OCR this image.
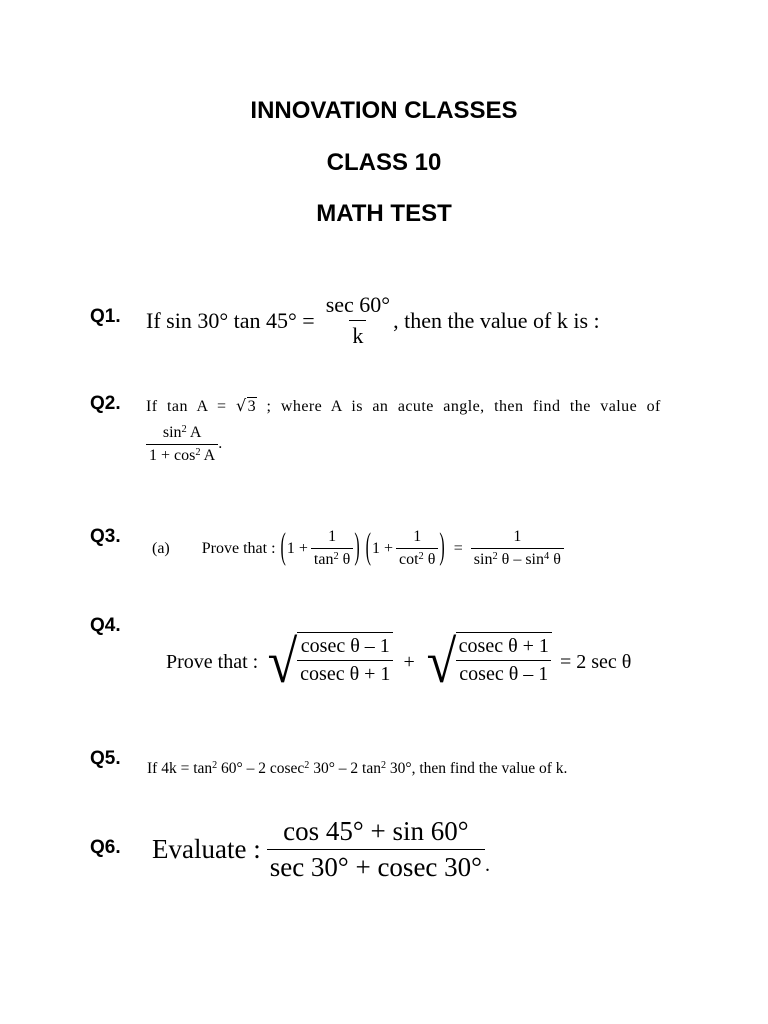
INNOVATION CLASSES
CLASS 10
MATH TEST
Q1. If sin 30° $\tan 45^\circ = \frac{\sec 60^\circ}{k}$ , then the value of k is :
Q2. If tan A = √3 ; where A is an acute angle, then find the value of
$\frac{\sin^2 A}{1 + \cos^2 A}$ .
Q3.
(a) Prove that : ( $1 + \frac{1}{\tan^2 \theta}$ ) ( $1 + \frac{1}{\cot^2 \theta}$ ) = $\frac{1}{\sin^2 \theta - \sin^4 \theta}$
Q4.
Prove that : √ $\frac{\text{cosec θ – 1}}{\text{cosec θ + 1}}$ + √ $\frac{\text{cosec θ + 1}}{\text{cosec θ – 1}} = 2$ sec θ
Q5. If $4k = \tan^2 60^\circ - 2$ cosec$^2$ 30° – 2 $\tan^2 30^\circ$, then find the value of k.
Q6. Evaluate : $\frac{\cos 45^\circ + \sin 60^\circ}{\sec 30^\circ + cosec 30^\circ}$ .
